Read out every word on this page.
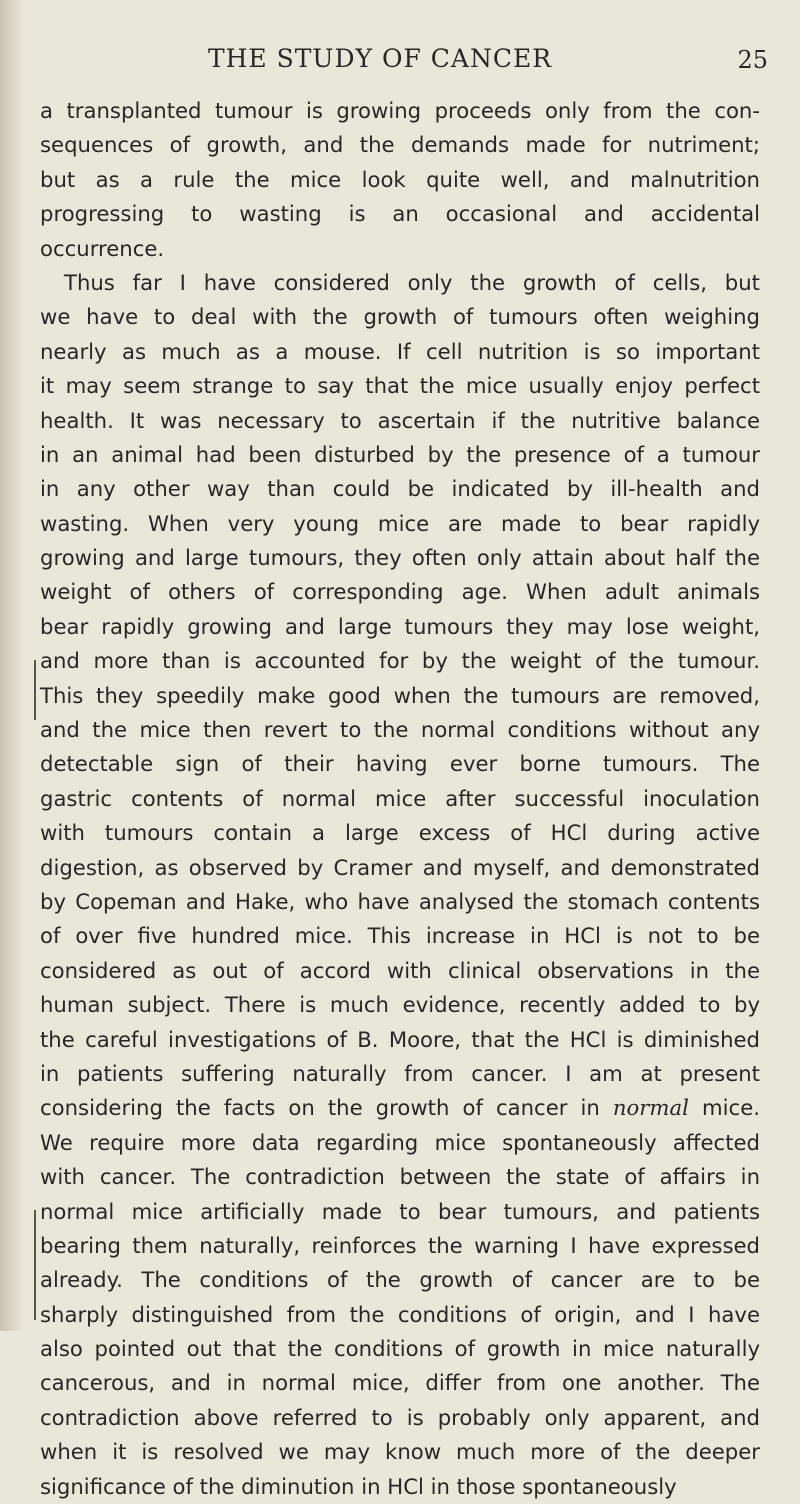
THE STUDY OF CANCER	25
a transplanted tumour is growing proceeds only from the con-
sequences of growth, and the demands made for nutriment;
but as a rule the mice look quite well, and malnutrition
progressing to wasting is an occasional and accidental
occurrence.
Thus far I have considered only the growth of cells, but
we have to deal with the growth of tumours often weighing
nearly as much as a mouse. If cell nutrition is so important
it may seem strange to say that the mice usually enjoy perfect
health. It was necessary to ascertain if the nutritive balance
in an animal had been disturbed by the presence of a tumour
in any other way than could be indicated by ill-health and
wasting. When very young mice are made to bear rapidly
growing and large tumours, they often only attain about half the
weight of others of corresponding age. When adult animals
bear rapidly growing and large tumours they may lose weight,
and more than is accounted for by the weight of the tumour.
This they speedily make good when the tumours are removed,
and the mice then revert to the normal conditions without any
detectable sign of their having ever borne tumours. The
gastric contents of normal mice after successful inoculation
with tumours contain a large excess of HCl during active
digestion, as observed by Cramer and myself, and demonstrated
by Copeman and Hake, who have analysed the stomach contents
of over five hundred mice. This increase in HCl is not to be
considered as out of accord with clinical observations in the
human subject. There is much evidence, recently added to by
the careful investigations of B. Moore, that the HCl is diminished
in patients suffering naturally from cancer. I am at present
considering the facts on the growth of cancer in normal mice.
We require more data regarding mice spontaneously affected
with cancer. The contradiction between the state of affairs in
normal mice artificially made to bear tumours, and patients
bearing them naturally, reinforces the warning I have expressed
already. The conditions of the growth of cancer are to be
sharply distinguished from the conditions of origin, and I have
also pointed out that the conditions of growth in mice naturally
cancerous, and in normal mice, differ from one another. The
contradiction above referred to is probably only apparent, and
when it is resolved we may know much more of the deeper
significance of the diminution in HCl in those spontaneously
